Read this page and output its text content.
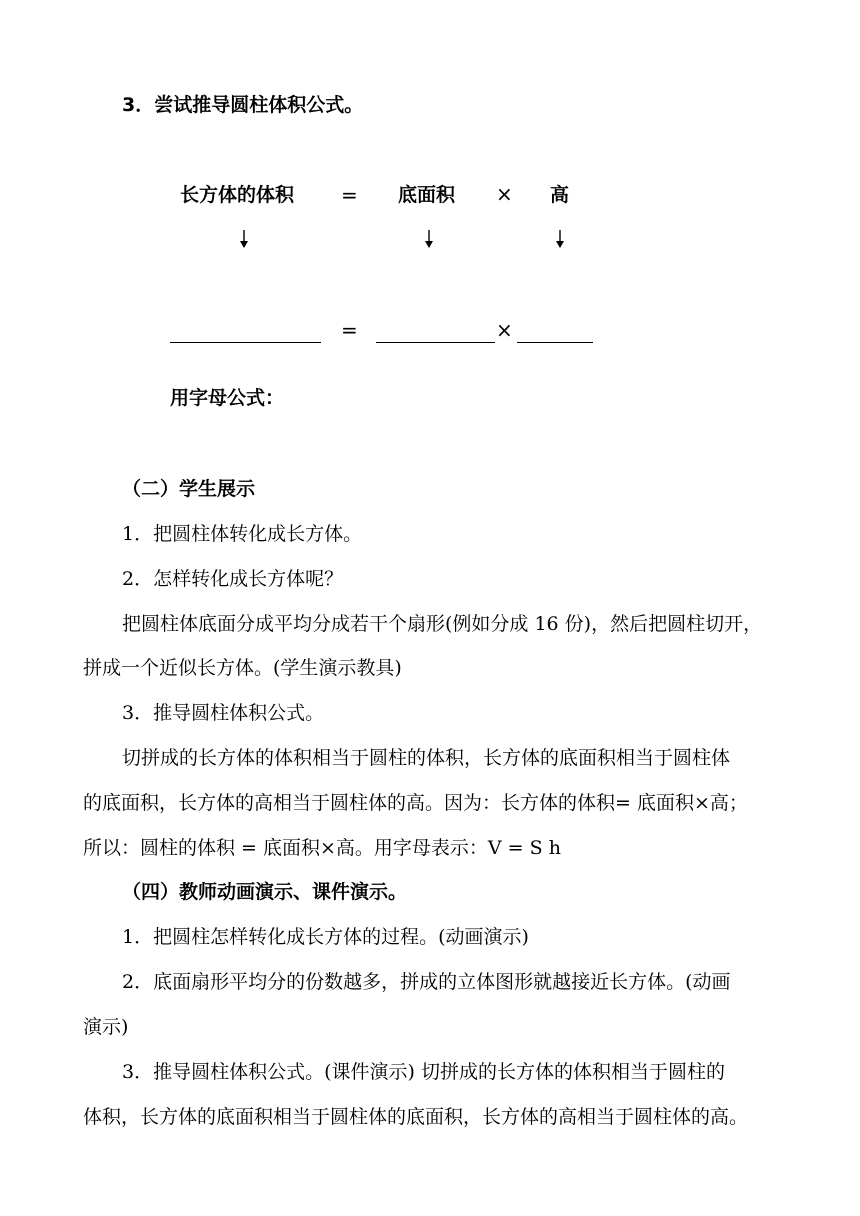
3．尝试推导圆柱体积公式。
长方体的体积 = 底面积 × 高
=	×
用字母公式：
（二）学生展示
1．把圆柱体转化成长方体。
2．怎样转化成长方体呢？
把圆柱体底面分成平均分成若干个扇形(例如分成 16 份)，然后把圆柱切开，
拼成一个近似长方体。(学生演示教具)
3．推导圆柱体积公式。
切拼成的长方体的体积相当于圆柱的体积，长方体的底面积相当于圆柱体
的底面积，长方体的高相当于圆柱体的高。因为：长方体的体积= 底面积×高；
所以：圆柱的体积 = 底面积×高。用字母表示：V = S h
（四）教师动画演示、课件演示。
1．把圆柱怎样转化成长方体的过程。(动画演示)
2．底面扇形平均分的份数越多，拼成的立体图形就越接近长方体。(动画
演示)
3．推导圆柱体积公式。(课件演示) 切拼成的长方体的体积相当于圆柱的
体积，长方体的底面积相当于圆柱体的底面积，长方体的高相当于圆柱体的高。
